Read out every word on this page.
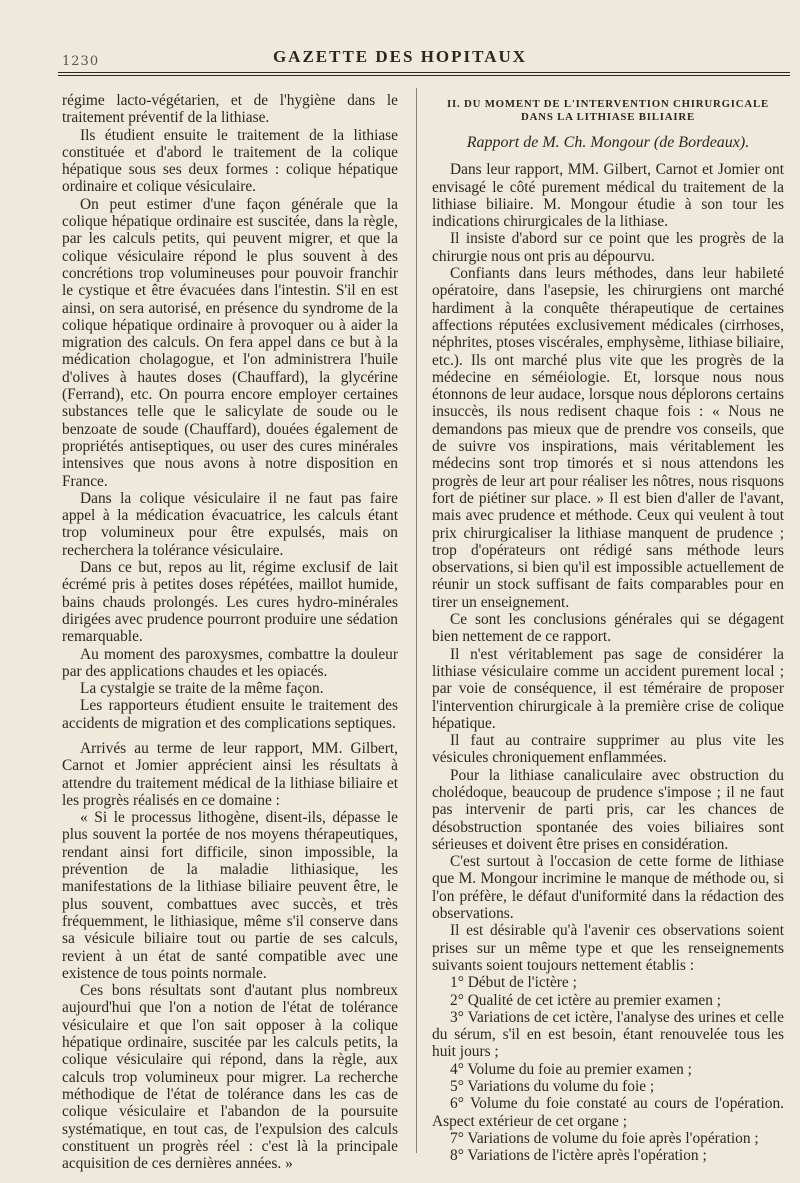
1230	GAZETTE DES HOPITAUX

régime lacto-végétarien, et de l'hygiène dans le traitement préventif de la lithiase.

Ils étudient ensuite le traitement de la lithiase constituée et d'abord le traitement de la colique hépatique sous ses deux formes : colique hépatique ordinaire et colique vésiculaire.

On peut estimer d'une façon générale que la colique hépatique ordinaire est suscitée, dans la règle, par les calculs petits, qui peuvent migrer, et que la colique vésiculaire répond le plus souvent à des concrétions trop volumineuses pour pouvoir franchir le cystique et être évacuées dans l'intestin. S'il en est ainsi, on sera autorisé, en présence du syndrome de la colique hépatique ordinaire à provoquer ou à aider la migration des calculs. On fera appel dans ce but à la médication cholagogue, et l'on administrera l'huile d'olives à hautes doses (Chauffard), la glycérine (Ferrand), etc. On pourra encore employer certaines substances telle que le salicylate de soude ou le benzoate de soude (Chauffard), douées également de propriétés antiseptiques, ou user des cures minérales intensives que nous avons à notre disposition en France.

Dans la colique vésiculaire il ne faut pas faire appel à la médication évacuatrice, les calculs étant trop volumineux pour être expulsés, mais on recherchera la tolérance vésiculaire.

Dans ce but, repos au lit, régime exclusif de lait écrémé pris à petites doses répétées, maillot humide, bains chauds prolongés. Les cures hydro-minérales dirigées avec prudence pourront produire une sédation remarquable.

Au moment des paroxysmes, combattre la douleur par des applications chaudes et les opiacés.

La cystalgie se traite de la même façon.

Les rapporteurs étudient ensuite le traitement des accidents de migration et des complications septiques.

Arrivés au terme de leur rapport, MM. Gilbert, Carnot et Jomier apprécient ainsi les résultats à attendre du traitement médical de la lithiase biliaire et les progrès réalisés en ce domaine :

« Si le processus lithogène, disent-ils, dépasse le plus souvent la portée de nos moyens thérapeutiques, rendant ainsi fort difficile, sinon impossible, la prévention de la maladie lithiasique, les manifestations de la lithiase biliaire peuvent être, le plus souvent, combattues avec succès, et très fréquemment, le lithiasique, même s'il conserve dans sa vésicule biliaire tout ou partie de ses calculs, revient à un état de santé compatible avec une existence de tous points normale.

Ces bons résultats sont d'autant plus nombreux aujourd'hui que l'on a notion de l'état de tolérance vésiculaire et que l'on sait opposer à la colique hépatique ordinaire, suscitée par les calculs petits, la colique vésiculaire qui répond, dans la règle, aux calculs trop volumineux pour migrer. La recherche méthodique de l'état de tolérance dans les cas de colique vésiculaire et l'abandon de la poursuite systématique, en tout cas, de l'expulsion des calculs constituent un progrès réel : c'est là la principale acquisition de ces dernières années. »

II. DU MOMENT DE L'INTERVENTION CHIRURGICALE
DANS LA LITHIASE BILIAIRE
Rapport de M. Ch. Mongour (de Bordeaux).

Dans leur rapport, MM. Gilbert, Carnot et Jomier ont envisagé le côté purement médical du traitement de la lithiase biliaire. M. Mongour étudie à son tour les indications chirurgicales de la lithiase.

Il insiste d'abord sur ce point que les progrès de la chirurgie nous ont pris au dépourvu.

Confiants dans leurs méthodes, dans leur habileté opératoire, dans l'asepsie, les chirurgiens ont marché hardiment à la conquête thérapeutique de certaines affections réputées exclusivement médicales (cirrhoses, néphrites, ptoses viscérales, emphysème, lithiase biliaire, etc.). Ils ont marché plus vite que les progrès de la médecine en séméiologie. Et, lorsque nous nous étonnons de leur audace, lorsque nous déplorons certains insuccès, ils nous redisent chaque fois : « Nous ne demandons pas mieux que de prendre vos conseils, que de suivre vos inspirations, mais véritablement les médecins sont trop timorés et si nous attendons les progrès de leur art pour réaliser les nôtres, nous risquons fort de piétiner sur place. » Il est bien d'aller de l'avant, mais avec prudence et méthode. Ceux qui veulent à tout prix chirurgicaliser la lithiase manquent de prudence ; trop d'opérateurs ont rédigé sans méthode leurs observations, si bien qu'il est impossible actuellement de réunir un stock suffisant de faits comparables pour en tirer un enseignement.

Ce sont les conclusions générales qui se dégagent bien nettement de ce rapport.

Il n'est véritablement pas sage de considérer la lithiase vésiculaire comme un accident purement local ; par voie de conséquence, il est téméraire de proposer l'intervention chirurgicale à la première crise de colique hépatique.

Il faut au contraire supprimer au plus vite les vésicules chroniquement enflammées.

Pour la lithiase canaliculaire avec obstruction du cholédoque, beaucoup de prudence s'impose ; il ne faut pas intervenir de parti pris, car les chances de désobstruction spontanée des voies biliaires sont sérieuses et doivent être prises en considération.

C'est surtout à l'occasion de cette forme de lithiase que M. Mongour incrimine le manque de méthode ou, si l'on préfère, le défaut d'uniformité dans la rédaction des observations.

Il est désirable qu'à l'avenir ces observations soient prises sur un même type et que les renseignements suivants soient toujours nettement établis :

1° Début de l'ictère ;

2° Qualité de cet ictère au premier examen ;

3° Variations de cet ictère, l'analyse des urines et celle du sérum, s'il en est besoin, étant renouvelée tous les huit jours ;

4° Volume du foie au premier examen ;

5° Variations du volume du foie ;

6° Volume du foie constaté au cours de l'opération. Aspect extérieur de cet organe ;

7° Variations de volume du foie après l'opération ;

8° Variations de l'ictère après l'opération ;
